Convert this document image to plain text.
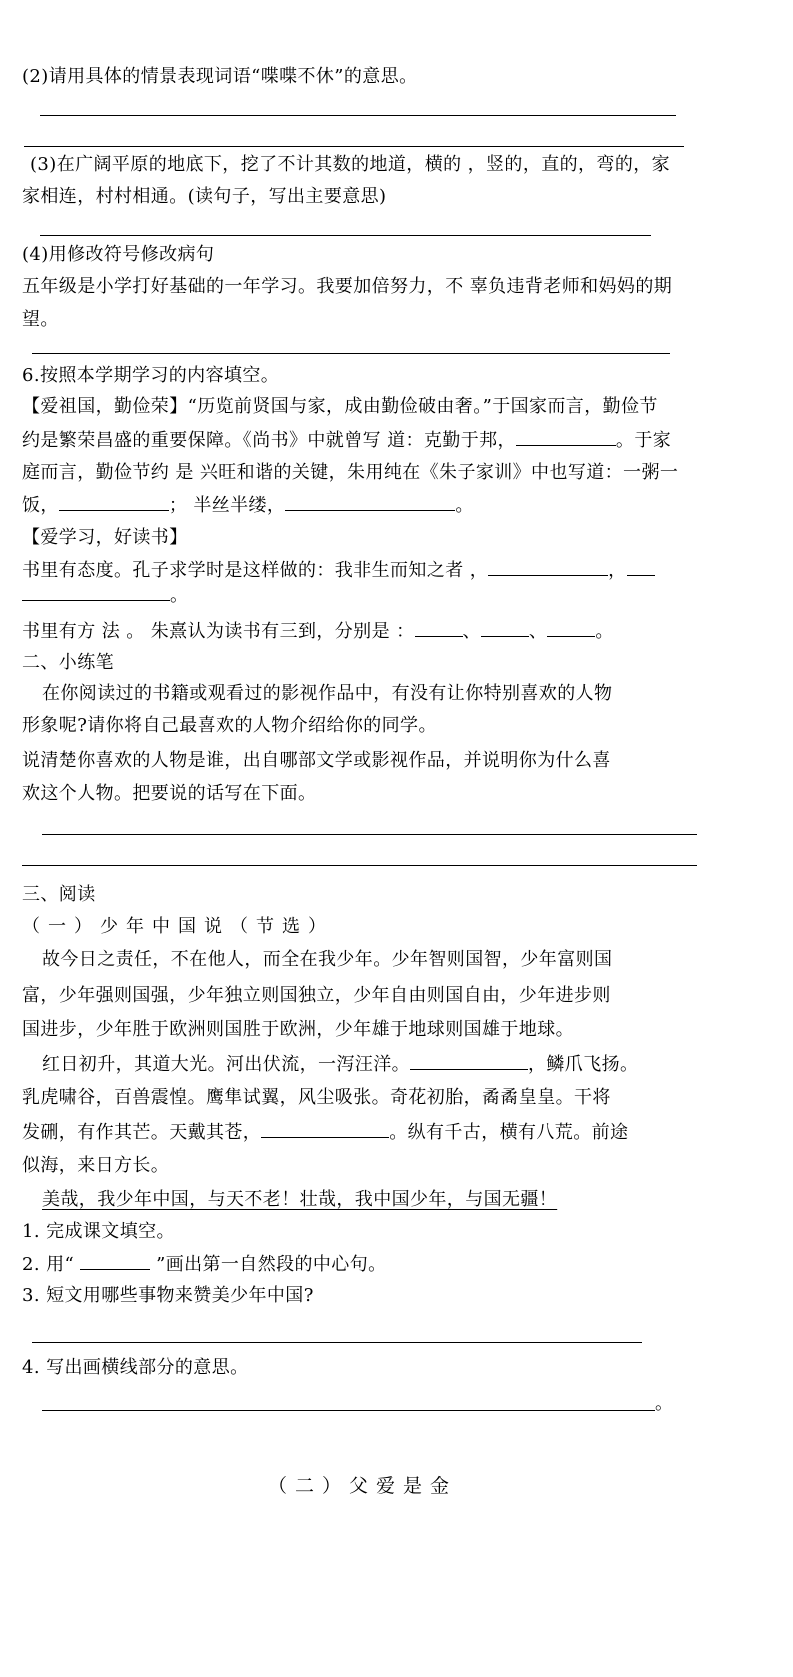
(2)请用具体的情景表现词语“喋喋不休”的意思。
(3)在广阔平原的地底下，挖了不计其数的地道，横的 ，竖的，直的，弯的，家
家相连，村村相通。(读句子，写出主要意思)
(4)用修改符号修改病句
五年级是小学打好基础的一年学习。我要加倍努力，不 辜负违背老师和妈妈的期
望。
6.按照本学期学习的内容填空。
【爱祖国，勤俭荣】“历览前贤国与家，成由勤俭破由奢。”于国家而言，勤俭节
约是繁荣昌盛的重要保障。《尚书》中就曾写 道：克勤于邦，	。于家
庭而言，勤俭节约 是 兴旺和谐的关键，朱用纯在《朱子家训》中也写道：一粥一
饭，	； 半丝半缕，	。
【爱学习，好读书】
书里有态度。孔子求学时是这样做的：我非生而知之者 ，	，
。
书里有方 法 。 朱熹认为读书有三到，分别是 ：	、	、	。
二、小练笔
在你阅读过的书籍或观看过的影视作品中，有没有让你特别喜欢的人物
形象呢?请你将自己最喜欢的人物介绍给你的同学。
说清楚你喜欢的人物是谁，出自哪部文学或影视作品，并说明你为什么喜
欢这个人物。把要说的话写在下面。
三、阅读
（一）少年中国说（节选）
故今日之责任，不在他人，而全在我少年。少年智则国智，少年富则国
富，少年强则国强，少年独立则国独立，少年自由则国自由，少年进步则
国进步，少年胜于欧洲则国胜于欧洲，少年雄于地球则国雄于地球。
红日初升，其道大光。河出伏流，一泻汪洋。	，鳞爪飞扬。
乳虎啸谷，百兽震惶。鹰隼试翼，风尘吸张。奇花初胎，矞矞皇皇。干将
发硎，有作其芒。天戴其苍，	。纵有千古，横有八荒。前途
似海，来日方长。
美哉，我少年中国，与天不老！壮哉，我中国少年，与国无疆！
1. 完成课文填空。
2. 用“	”画出第一自然段的中心句。
3. 短文用哪些事物来赞美少年中国?
4. 写出画横线部分的意思。
。
（二）父爱是金
